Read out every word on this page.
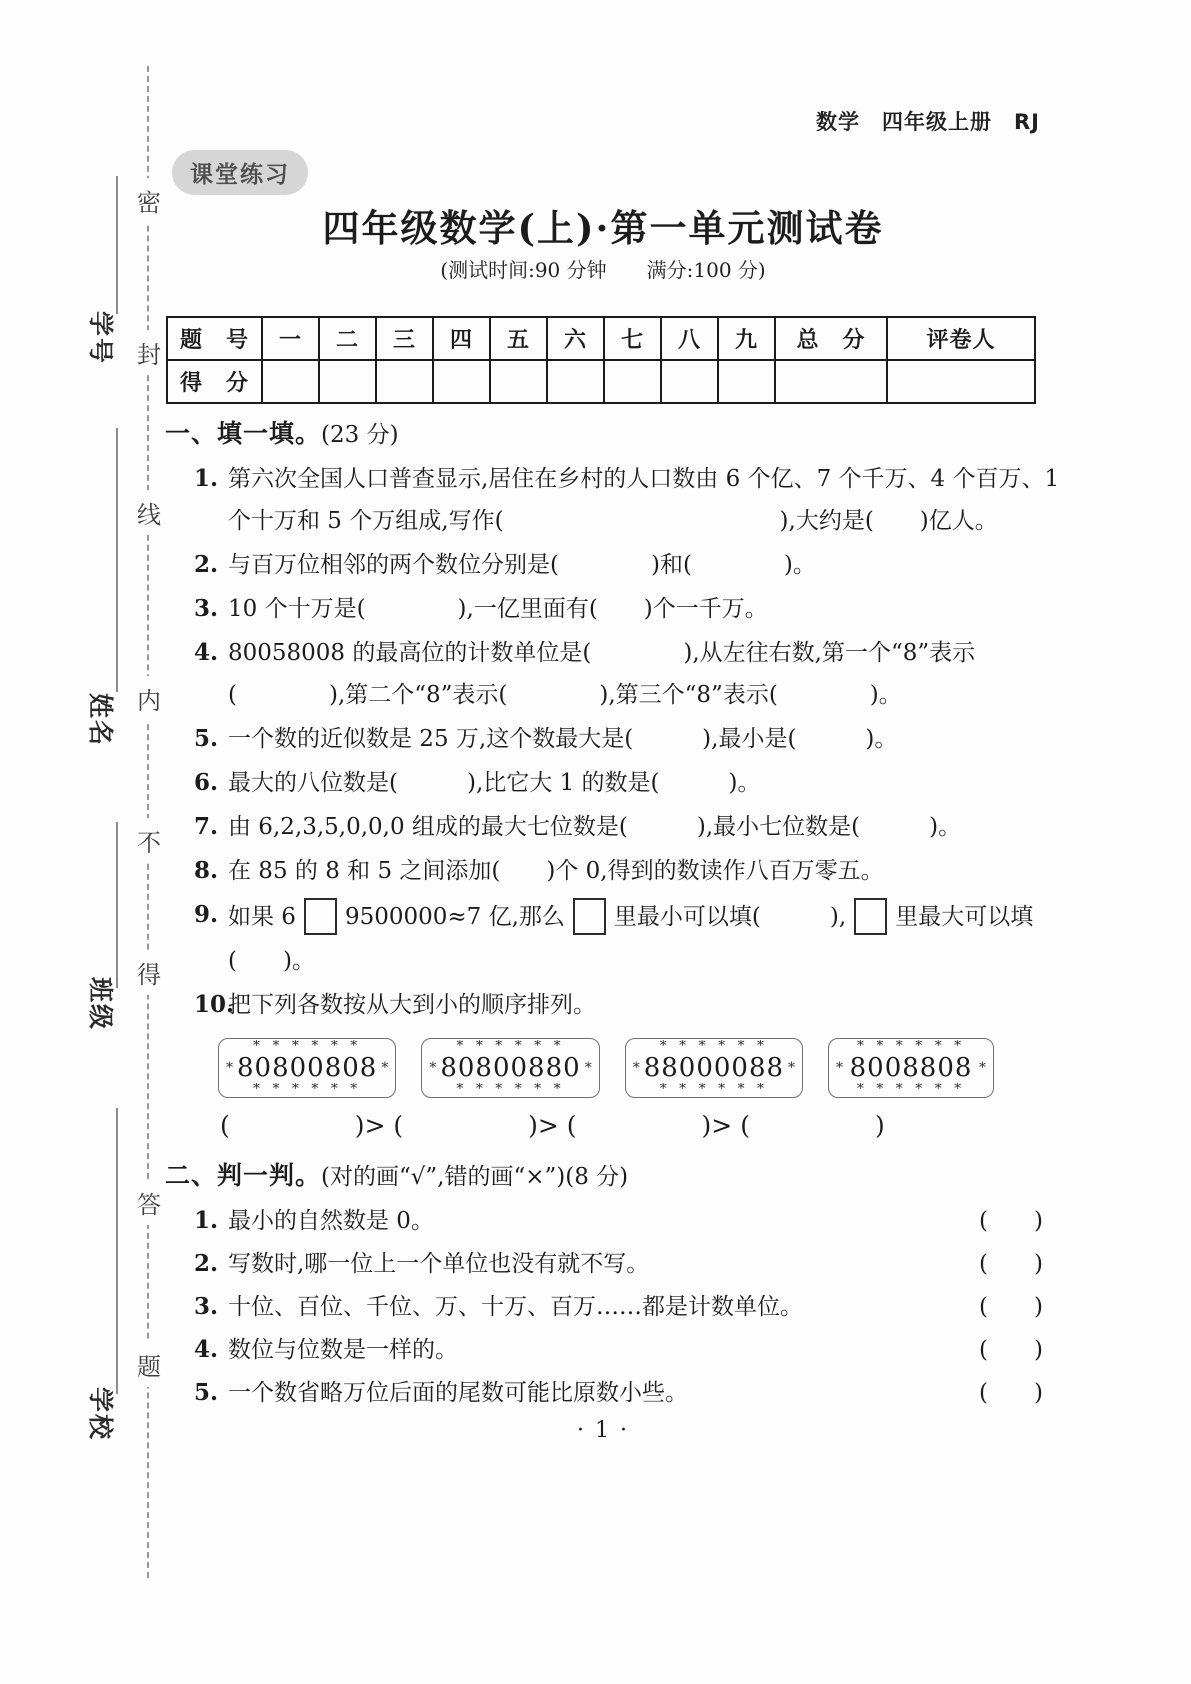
密
封
线
内
不
得
答
题
学号
姓名
班级
学校
数学　四年级上册　RJ
课堂练习
四年级数学(上)·第一单元测试卷
(测试时间:90 分钟　　满分:100 分)
题　号	一	二	三	四	五	六	七	八	九	总　分	评卷人
得　分											
一、填一填。(23 分)
1. 第六次全国人口普查显示,居住在乡村的人口数由 6 个亿、7 个千万、4 个百万、1
个十万和 5 个万组成,写作(　　　　　　　　　　　　),大约是(　　)亿人。
2. 与百万位相邻的两个数位分别是(　　　　)和(　　　　)。
3. 10 个十万是(　　　　),一亿里面有(　　)个一千万。
4. 80058008 的最高位的计数单位是(　　　　),从左往右数,第一个“8”表示
(　　　　),第二个“8”表示(　　　　),第三个“8”表示(　　　　)。
5. 一个数的近似数是 25 万,这个数最大是(　　　),最小是(　　　)。
6. 最大的八位数是(　　　),比它大 1 的数是(　　　)。
7. 由 6,2,3,5,0,0,0 组成的最大七位数是(　　　),最小七位数是(　　　)。
8. 在 85 的 8 和 5 之间添加(　　)个 0,得到的数读作八百万零五。
9. 如果 6 9500000≈7 亿,那么 里最小可以填(　　　), 里最大可以填
(　　)。
10.
把下列各数按从大到小的顺序排列。
* * * * * *
* 80800808 *
* * * * * *
* * * * * *
* 80800880 *
* * * * * *
* * * * * *
* 88000088 *
* * * * * *
* * * * * *
* 8008808 *
* * * * * *
(　　　　　)> (　　　　　)> (　　　　　)> (　　　　　)
二、判一判。(对的画“√”,错的画“×”)(8 分)
1. 最小的自然数是 0。	(　　)
2. 写数时,哪一位上一个单位也没有就不写。	(　　)
3. 十位、百位、千位、万、十万、百万……都是计数单位。	(　　)
4. 数位与位数是一样的。	(　　)
5. 一个数省略万位后面的尾数可能比原数小些。	(　　)
· 1 ·
